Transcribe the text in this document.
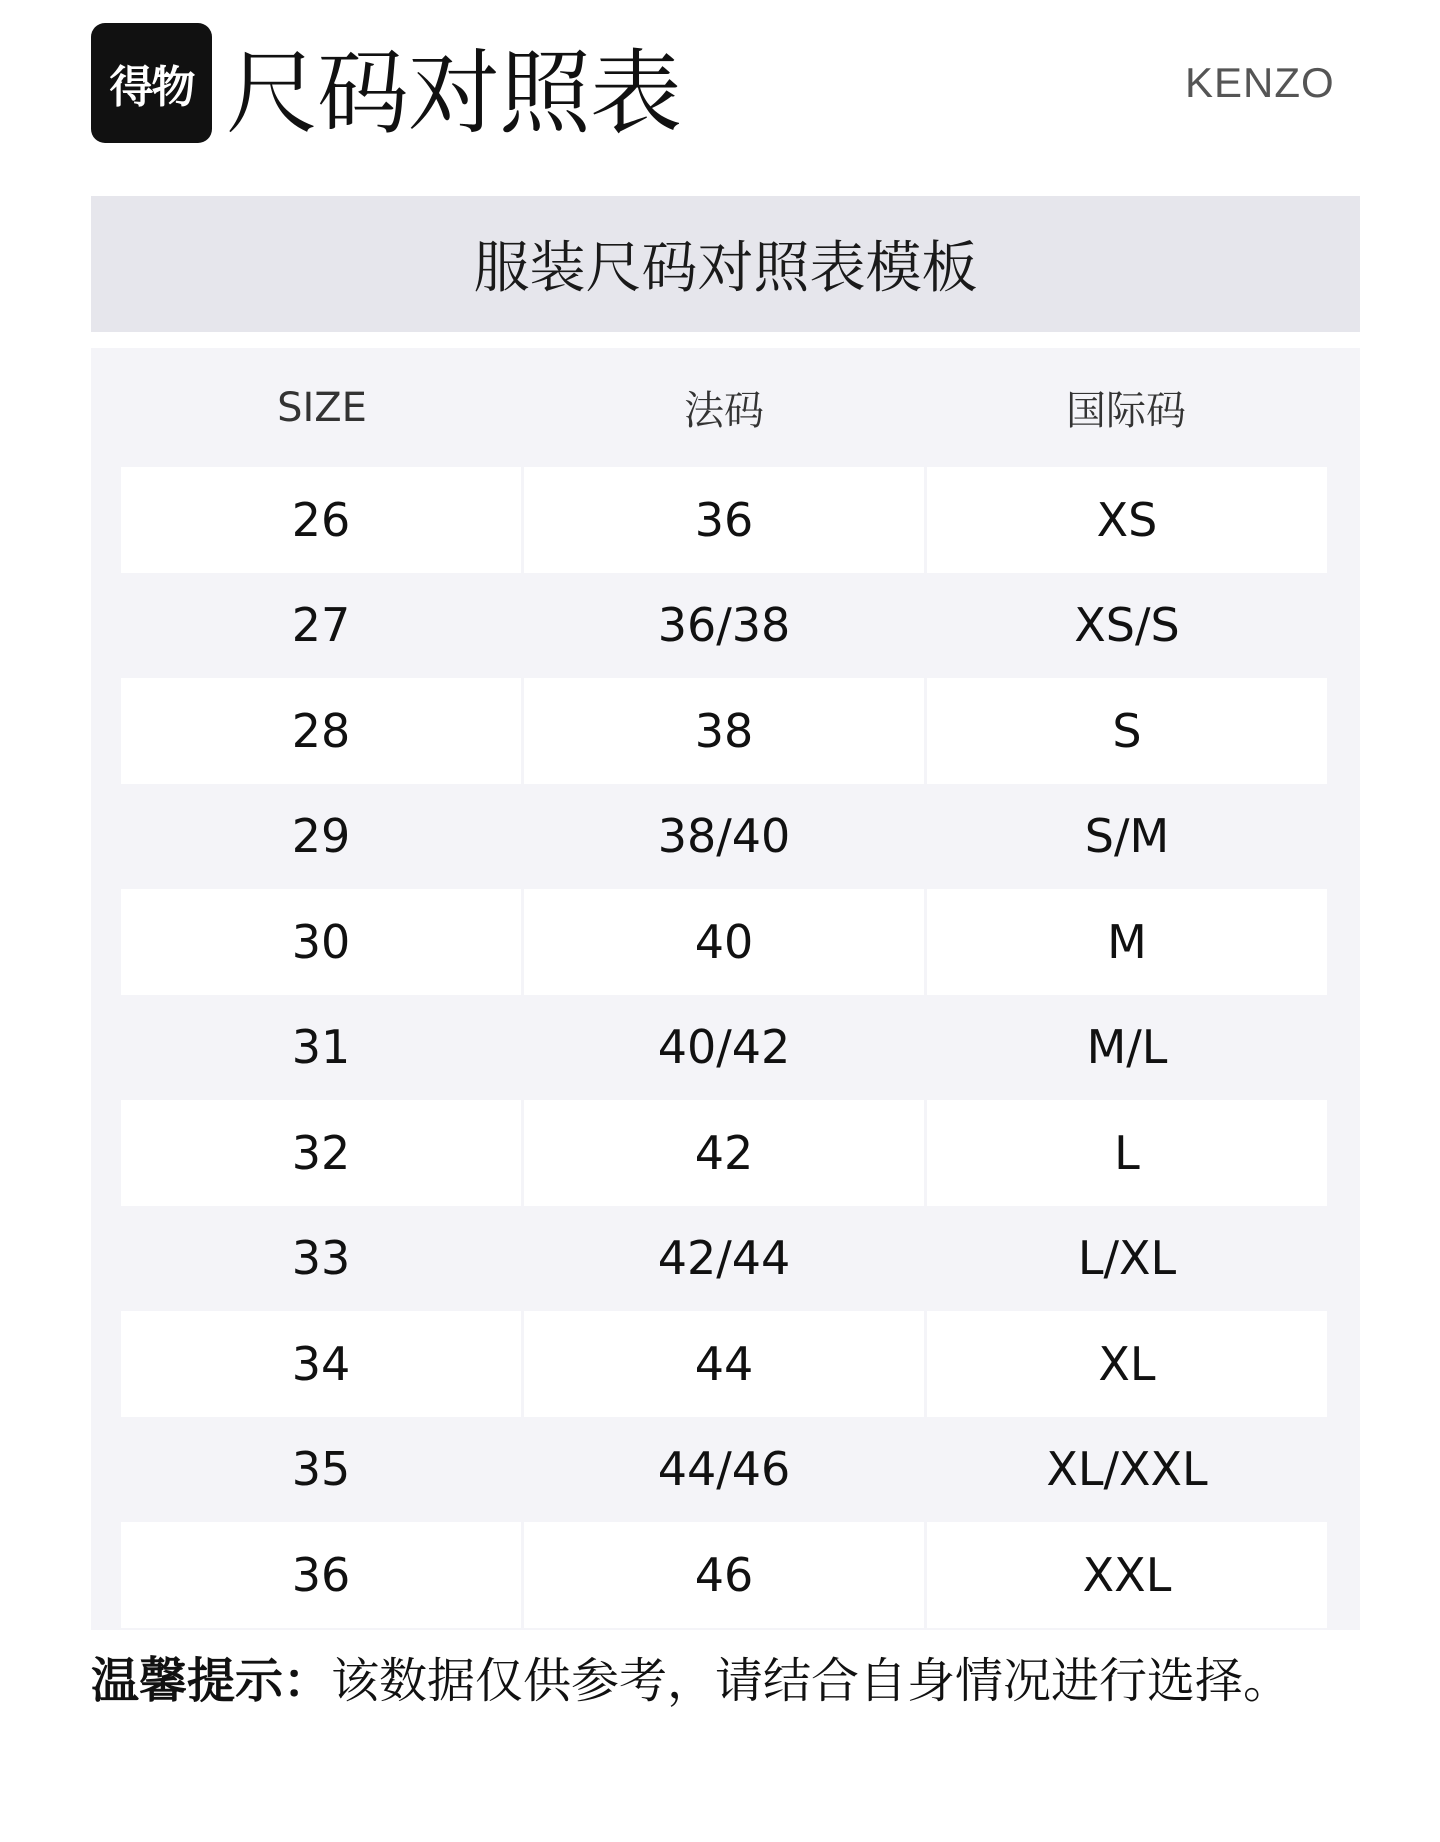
得物 尺码对照表	KENZO
服装尺码对照表模板
SIZE	法码	国际码
26	36	XS
27	36/38	XS/S
28	38	S
29	38/40	S/M
30	40	M
31	40/42	M/L
32	42	L
33	42/44	L/XL
34	44	XL
35	44/46	XL/XXL
36	46	XXL
温馨提示：该数据仅供参考，请结合自身情况进行选择。
